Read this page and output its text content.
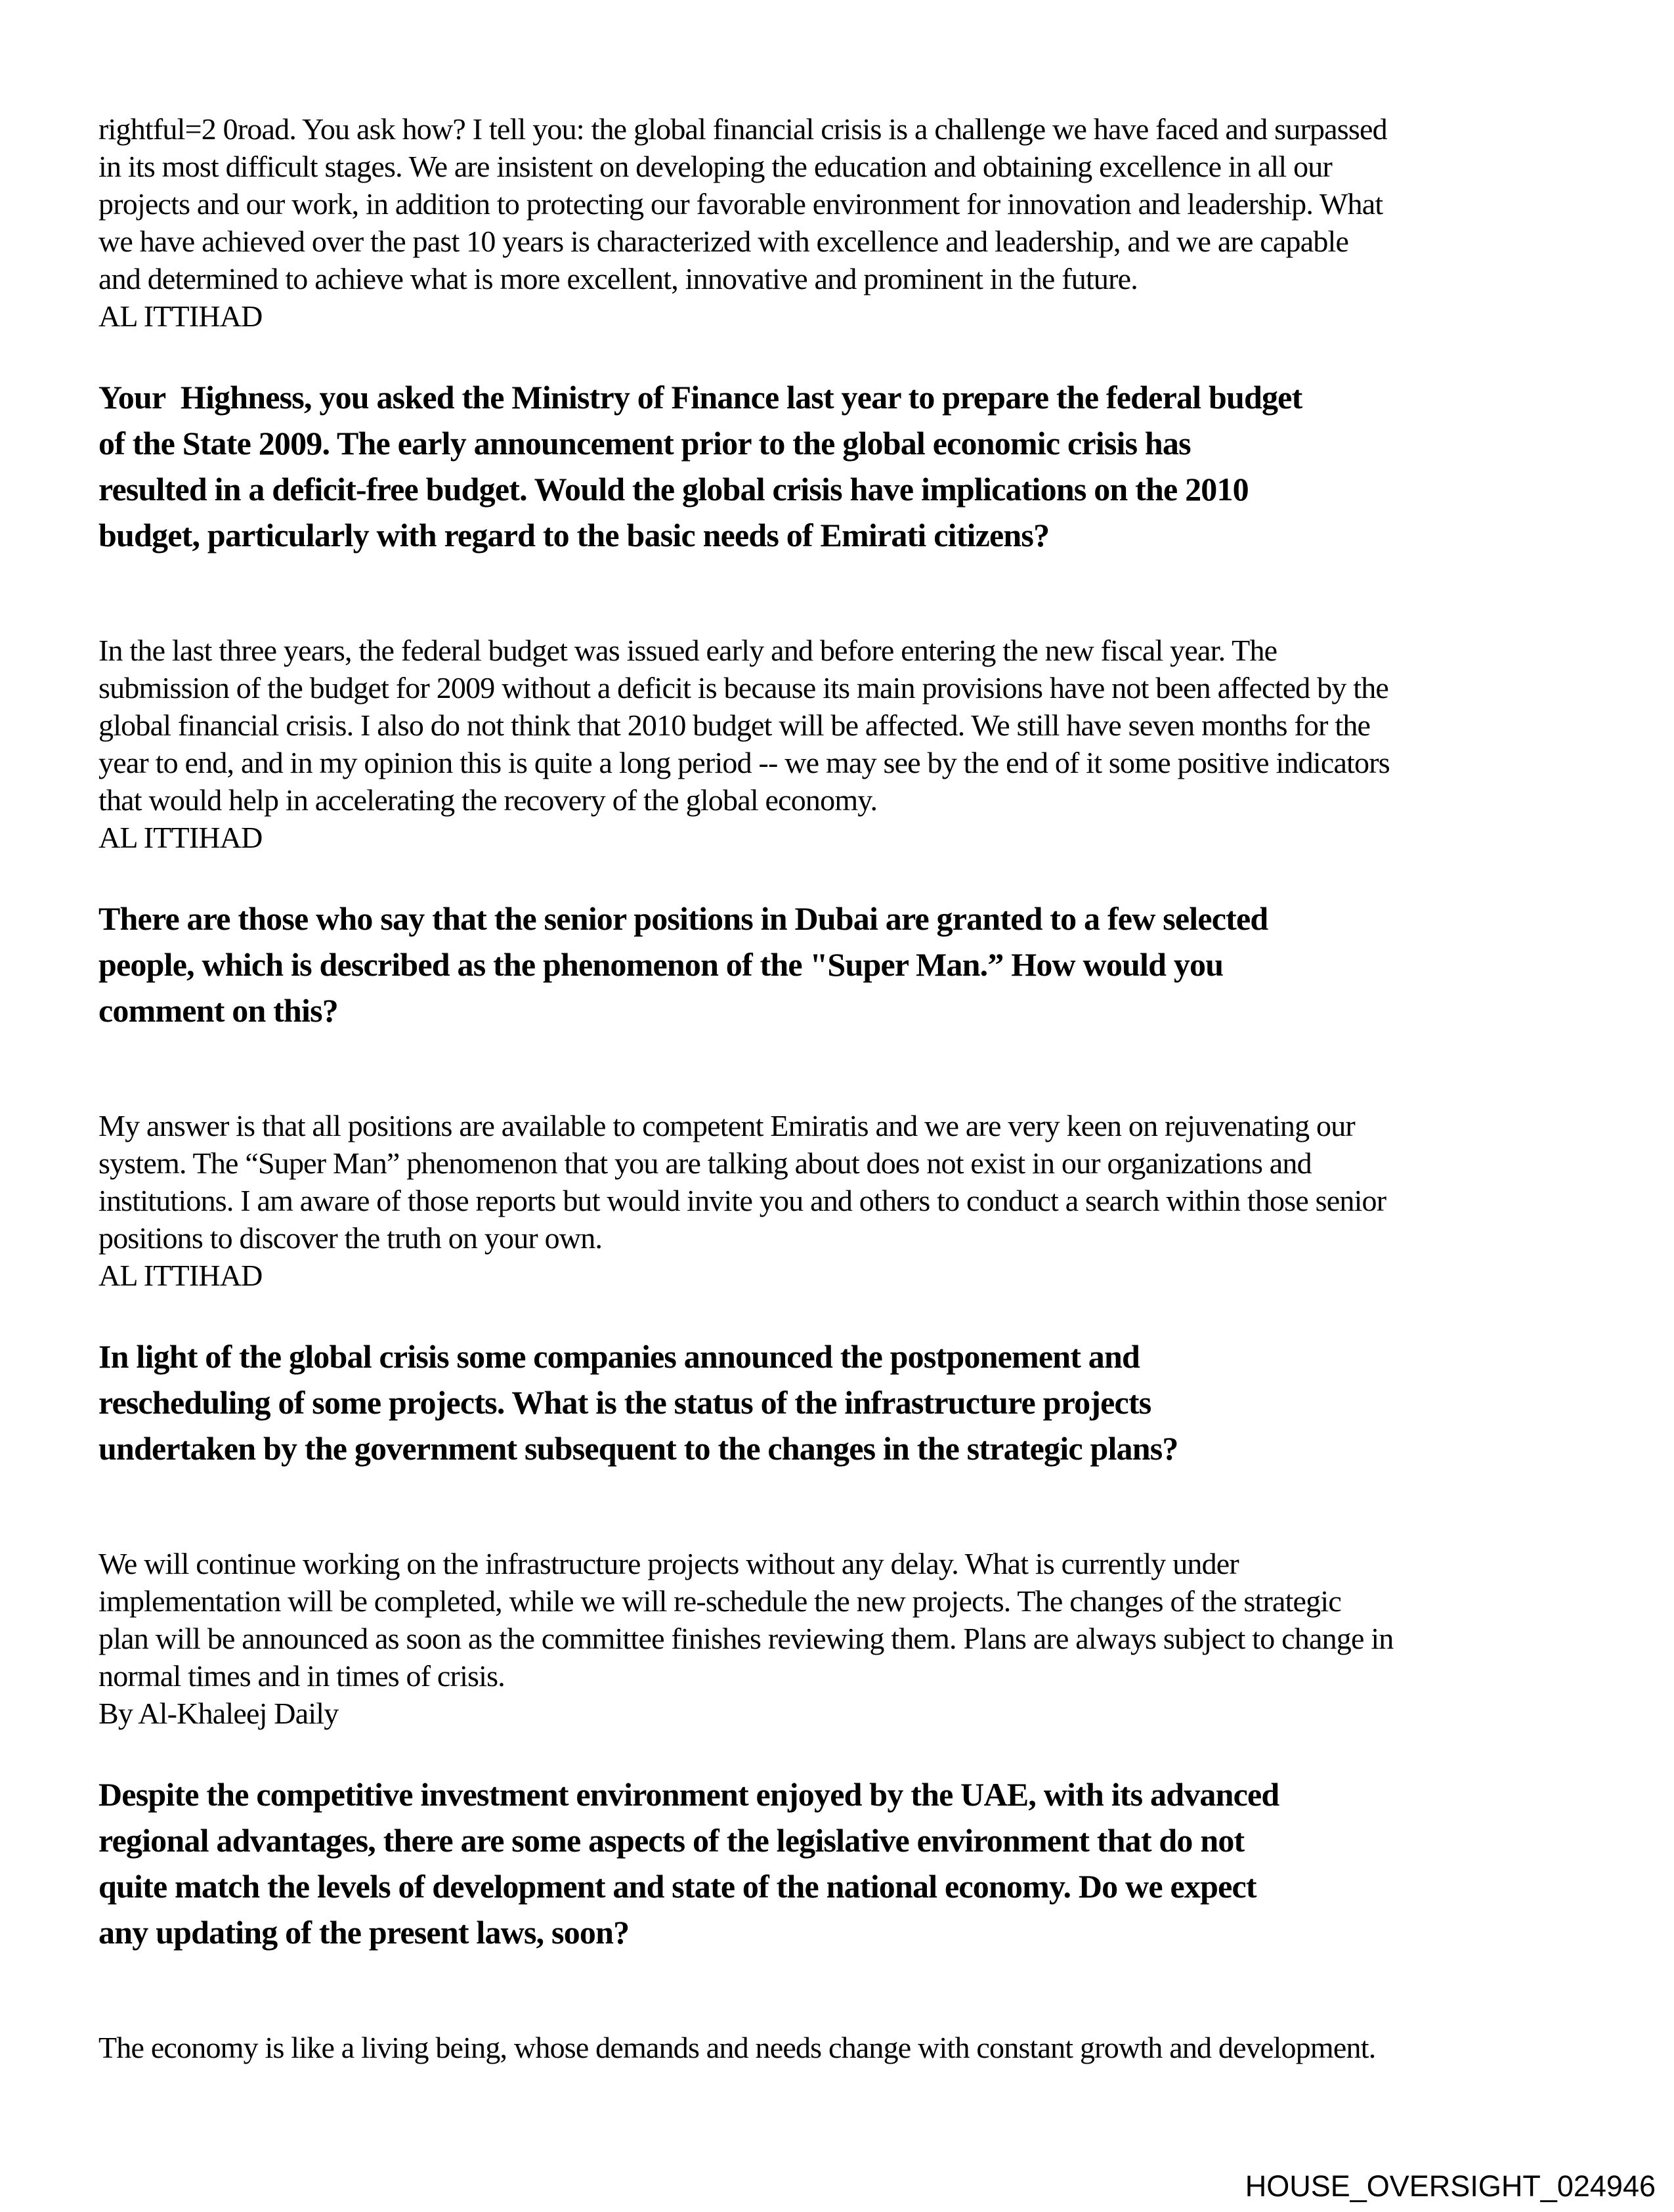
rightful=2 0road. You ask how? I tell you: the global financial crisis is a challenge we have faced and surpassed
in its most difficult stages. We are insistent on developing the education and obtaining excellence in all our
projects and our work, in addition to protecting our favorable environment for innovation and leadership. What
we have achieved over the past 10 years is characterized with excellence and leadership, and we are capable
and determined to achieve what is more excellent, innovative and prominent in the future.
AL ITTIHAD
Your  Highness, you asked the Ministry of Finance last year to prepare the federal budget
of the State 2009. The early announcement prior to the global economic crisis has
resulted in a deficit-free budget. Would the global crisis have implications on the 2010
budget, particularly with regard to the basic needs of Emirati citizens?
In the last three years, the federal budget was issued early and before entering the new fiscal year. The
submission of the budget for 2009 without a deficit is because its main provisions have not been affected by the
global financial crisis. I also do not think that 2010 budget will be affected. We still have seven months for the
year to end, and in my opinion this is quite a long period -- we may see by the end of it some positive indicators
that would help in accelerating the recovery of the global economy.
AL ITTIHAD
There are those who say that the senior positions in Dubai are granted to a few selected
people, which is described as the phenomenon of the "Super Man.” How would you
comment on this?
My answer is that all positions are available to competent Emiratis and we are very keen on rejuvenating our
system. The “Super Man” phenomenon that you are talking about does not exist in our organizations and
institutions. I am aware of those reports but would invite you and others to conduct a search within those senior
positions to discover the truth on your own.
AL ITTIHAD
In light of the global crisis some companies announced the postponement and
rescheduling of some projects. What is the status of the infrastructure projects
undertaken by the government subsequent to the changes in the strategic plans?
We will continue working on the infrastructure projects without any delay. What is currently under
implementation will be completed, while we will re-schedule the new projects. The changes of the strategic
plan will be announced as soon as the committee finishes reviewing them. Plans are always subject to change in
normal times and in times of crisis.
By Al-Khaleej Daily
Despite the competitive investment environment enjoyed by the UAE, with its advanced
regional advantages, there are some aspects of the legislative environment that do not
quite match the levels of development and state of the national economy. Do we expect
any updating of the present laws, soon?
The economy is like a living being, whose demands and needs change with constant growth and development.
HOUSE_OVERSIGHT_024946
